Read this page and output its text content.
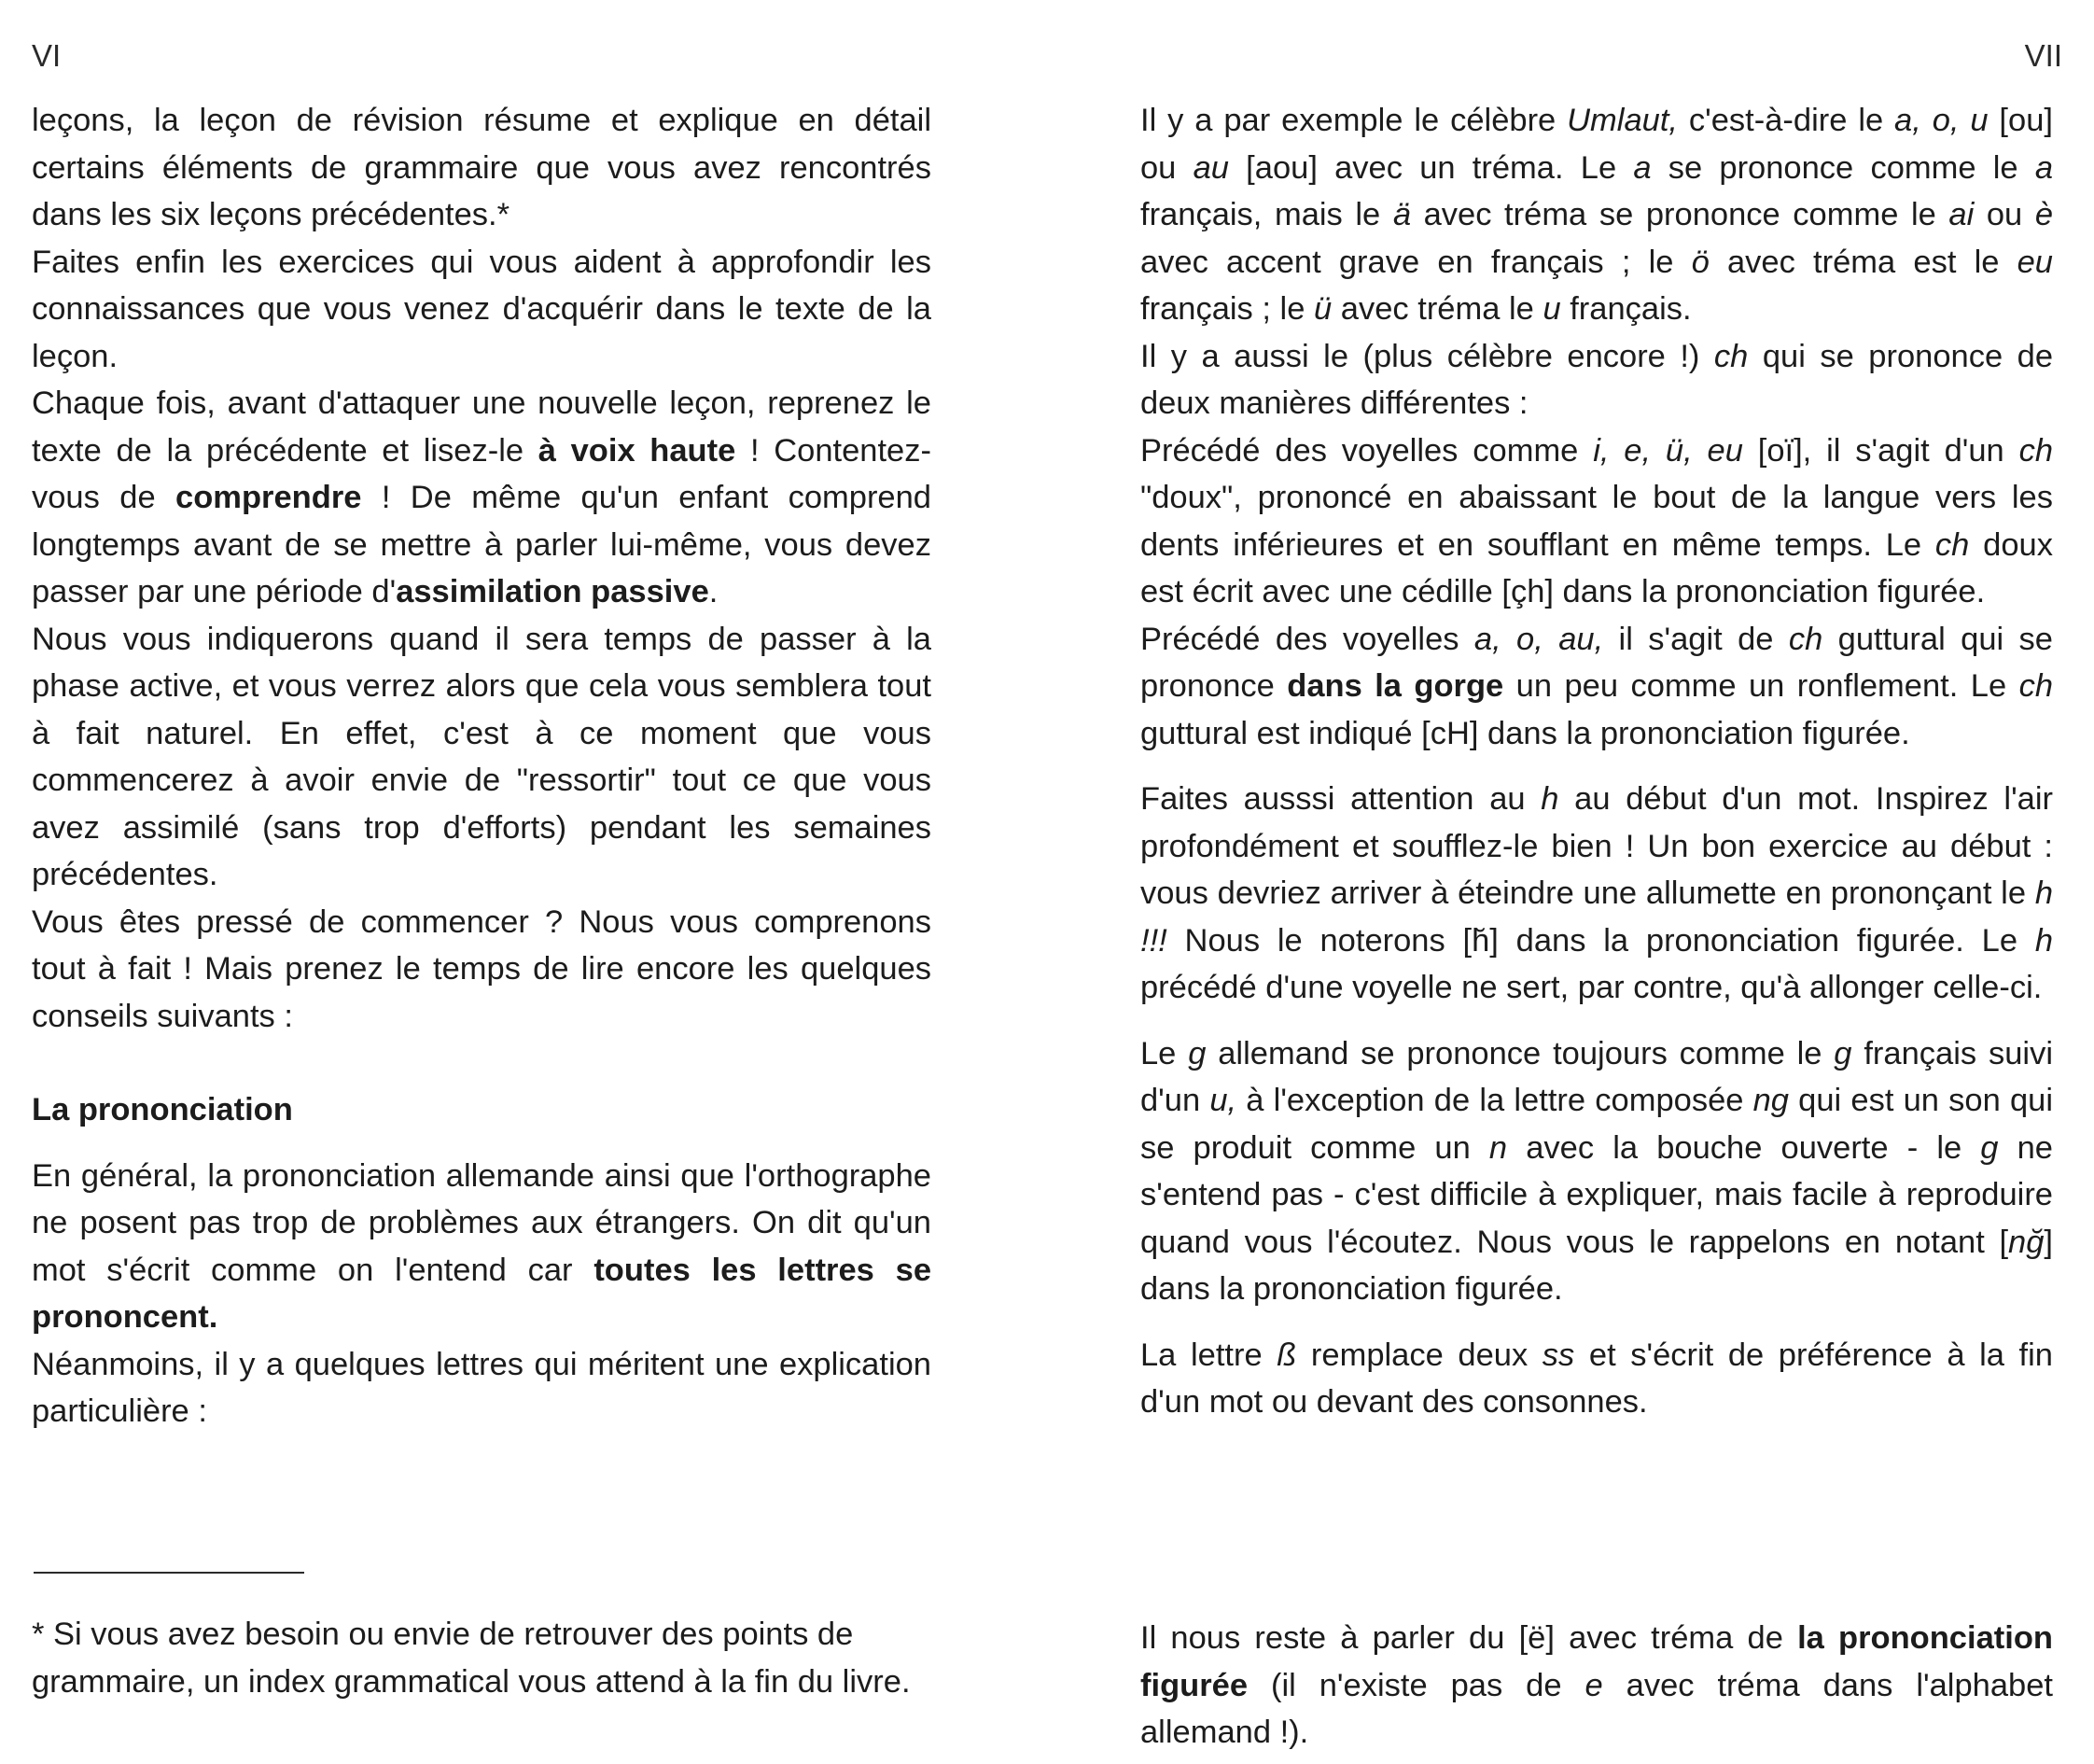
VI

leçons, la leçon de révision résume et explique en détail certains éléments de grammaire que vous avez rencontrés dans les six leçons précédentes.*

Faites enfin les exercices qui vous aident à approfondir les connaissances que vous venez d'acquérir dans le texte de la leçon.

Chaque fois, avant d'attaquer une nouvelle leçon, reprenez le texte de la précédente et lisez-le à voix haute ! Contentez-vous de comprendre ! De même qu'un enfant comprend longtemps avant de se mettre à parler lui-même, vous devez passer par une période d'assimilation passive.

Nous vous indiquerons quand il sera temps de passer à la phase active, et vous verrez alors que cela vous semblera tout à fait naturel. En effet, c'est à ce moment que vous commencerez à avoir envie de "ressortir" tout ce que vous avez assimilé (sans trop d'efforts) pendant les semaines précédentes.

Vous êtes pressé de commencer ? Nous vous comprenons tout à fait ! Mais prenez le temps de lire encore les quelques conseils suivants :

La prononciation

En général, la prononciation allemande ainsi que l'orthographe ne posent pas trop de problèmes aux étrangers. On dit qu'un mot s'écrit comme on l'entend car toutes les lettres se prononcent.

Néanmoins, il y a quelques lettres qui méritent une explication particulière :

* Si vous avez besoin ou envie de retrouver des points de grammaire, un index grammatical vous attend à la fin du livre.

VII

Il y a par exemple le célèbre Umlaut, c'est-à-dire le a, o, u [ou] ou au [aou] avec un tréma. Le a se prononce comme le a français, mais le ä avec tréma se prononce comme le ai ou è avec accent grave en français ; le ö avec tréma est le eu français ; le ü avec tréma le u français.

Il y a aussi le (plus célèbre encore !) ch qui se prononce de deux manières différentes :

Précédé des voyelles comme i, e, ü, eu [oï], il s'agit d'un ch "doux", prononcé en abaissant le bout de la langue vers les dents inférieures et en soufflant en même temps. Le ch doux est écrit avec une cédille [çh] dans la prononciation figurée.

Précédé des voyelles a, o, au, il s'agit de ch guttural qui se prononce dans la gorge un peu comme un ronflement. Le ch guttural est indiqué [cH] dans la prononciation figurée.

Faites ausssi attention au h au début d'un mot. Inspirez l'air profondément et soufflez-le bien ! Un bon exercice au début : vous devriez arriver à éteindre une allumette en prononçant le h !!! Nous le noterons [h̆] dans la prononciation figurée. Le h précédé d'une voyelle ne sert, par contre, qu'à allonger celle-ci.

Le g allemand se prononce toujours comme le g français suivi d'un u, à l'exception de la lettre composée ng qui est un son qui se produit comme un n avec la bouche ouverte - le g ne s'entend pas - c'est difficile à expliquer, mais facile à reproduire quand vous l'écoutez. Nous vous le rappelons en notant [nğ] dans la prononciation figurée.

La lettre ß remplace deux ss et s'écrit de préférence à la fin d'un mot ou devant des consonnes.

Il nous reste à parler du [ë] avec tréma de la prononciation figurée (il n'existe pas de e avec tréma dans l'alphabet allemand !).
